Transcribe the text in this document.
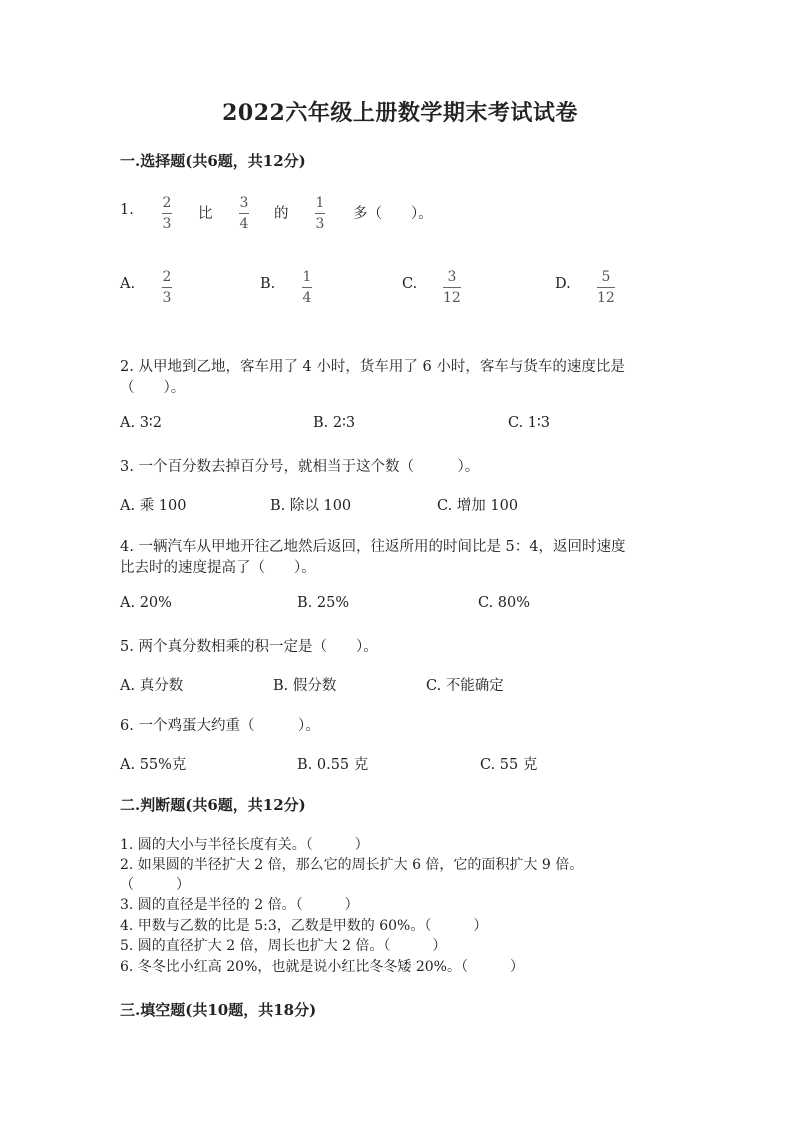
2022六年级上册数学期末考试试卷
一.选择题(共6题，共12分)
1. 2
3
比
3
4
的
1
3
多（　　）。
A. 2
3
B. 1
4
C. 3
12
D. 5
12
2. 从甲地到乙地，客车用了 4 小时，货车用了 6 小时，客车与货车的速度比是
（　　）。
A. 3∶2	B. 2∶3	C. 1∶3
3. 一个百分数去掉百分号，就相当于这个数（　　　）。
A. 乘 100	B. 除以 100	C. 增加 100
4. 一辆汽车从甲地开往乙地然后返回，往返所用的时间比是 5：4，返回时速度
比去时的速度提高了（　　）。
A. 20%	B. 25%	C. 80%
5. 两个真分数相乘的积一定是（　　）。
A. 真分数	B. 假分数	C. 不能确定
6. 一个鸡蛋大约重（　　　）。
A. 55%克	B. 0.55 克	C. 55 克
二.判断题(共6题，共12分)
1. 圆的大小与半径长度有关。（　　　）
2. 如果圆的半径扩大 2 倍，那么它的周长扩大 6 倍，它的面积扩大 9 倍。
（　　　）
3. 圆的直径是半径的 2 倍。（　　　）
4. 甲数与乙数的比是 5:3，乙数是甲数的 60%。（　　　）
5. 圆的直径扩大 2 倍，周长也扩大 2 倍。（　　　）
6. 冬冬比小红高 20%，也就是说小红比冬冬矮 20%。（　　　）
三.填空题(共10题，共18分)
